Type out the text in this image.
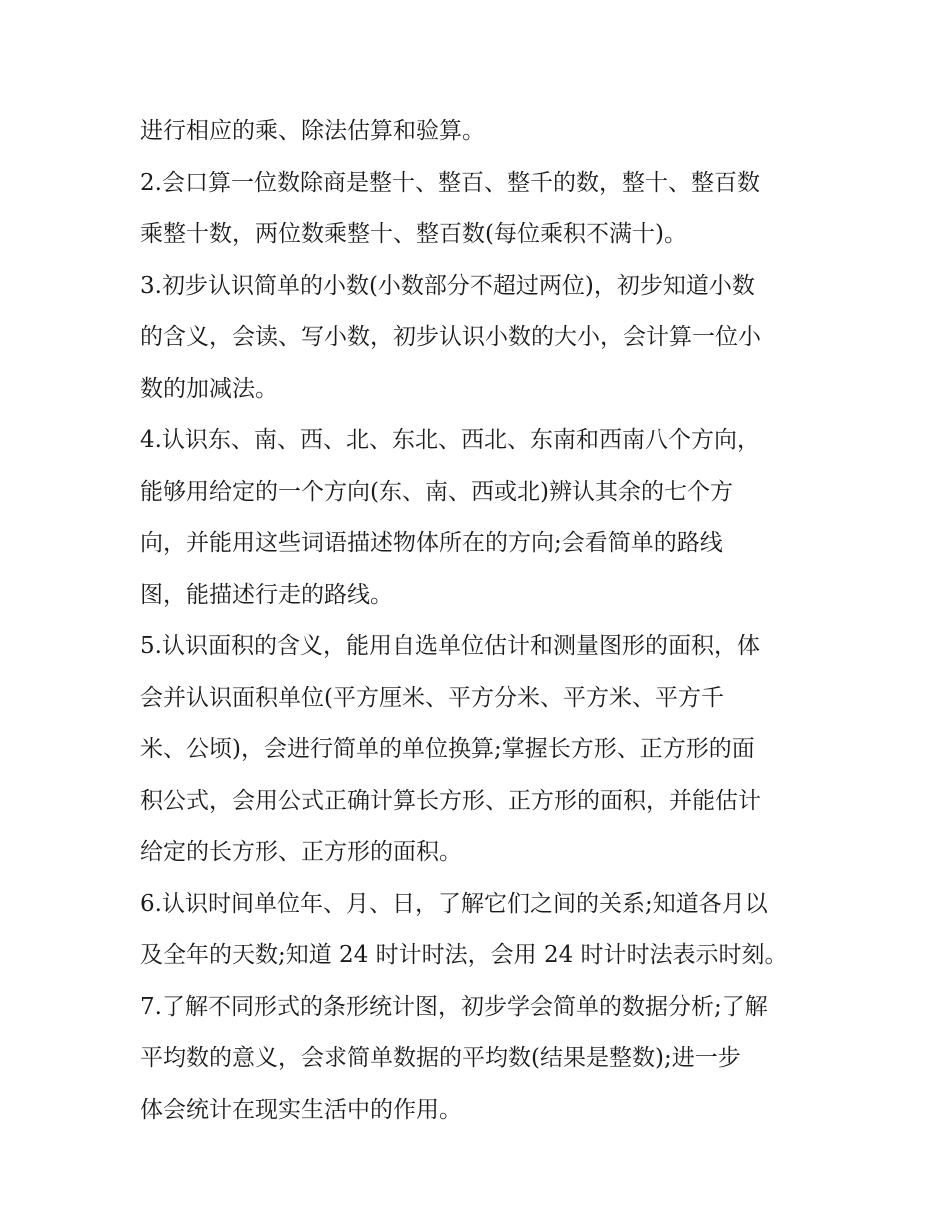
进行相应的乘、除法估算和验算。
2.会口算一位数除商是整十、整百、整千的数，整十、整百数
乘整十数，两位数乘整十、整百数(每位乘积不满十)。
3.初步认识简单的小数(小数部分不超过两位)，初步知道小数
的含义，会读、写小数，初步认识小数的大小，会计算一位小
数的加减法。
4.认识东、南、西、北、东北、西北、东南和西南八个方向，
能够用给定的一个方向(东、南、西或北)辨认其余的七个方
向，并能用这些词语描述物体所在的方向;会看简单的路线
图，能描述行走的路线。
5.认识面积的含义，能用自选单位估计和测量图形的面积，体
会并认识面积单位(平方厘米、平方分米、平方米、平方千
米、公顷)，会进行简单的单位换算;掌握长方形、正方形的面
积公式，会用公式正确计算长方形、正方形的面积，并能估计
给定的长方形、正方形的面积。
6.认识时间单位年、月、日，了解它们之间的关系;知道各月以
及全年的天数;知道 24 时计时法，会用 24 时计时法表示时刻。
7.了解不同形式的条形统计图，初步学会简单的数据分析;了解
平均数的意义，会求简单数据的平均数(结果是整数);进一步
体会统计在现实生活中的作用。
